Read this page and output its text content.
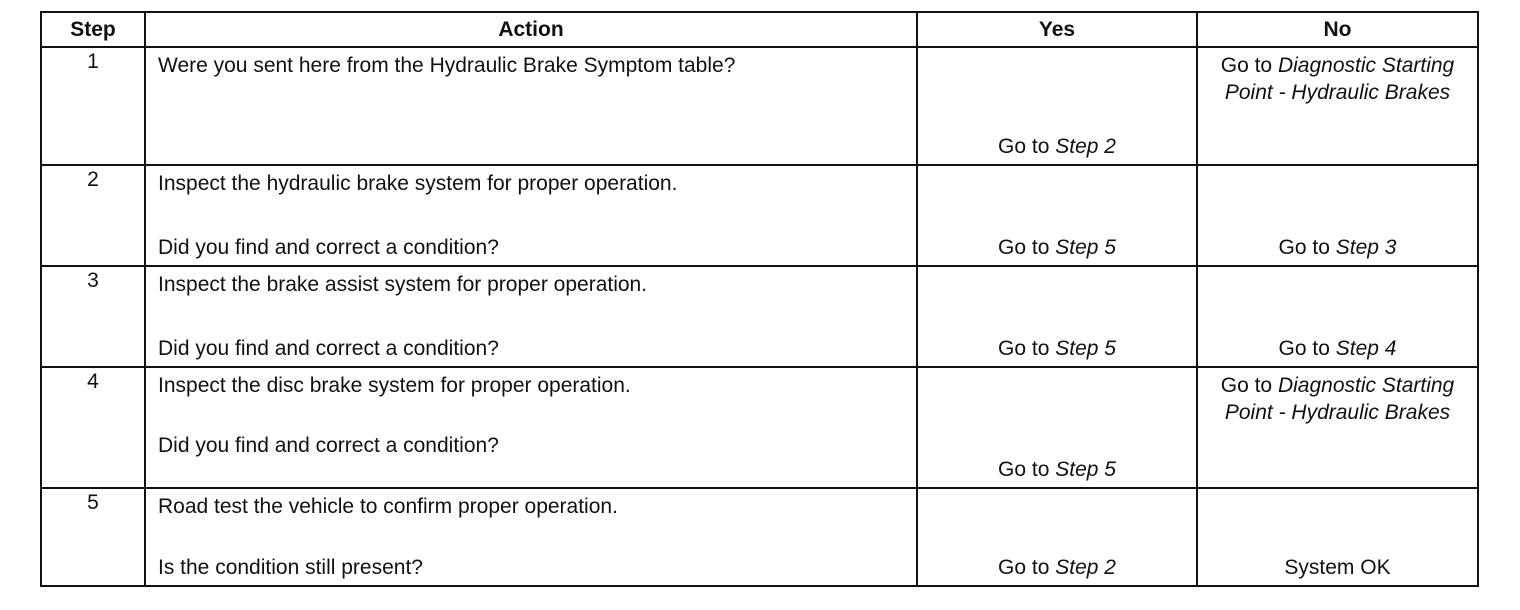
Step	Action	Yes	No
1	Were you sent here from the Hydraulic Brake Symptom table?	Go to Step 2	Go to Diagnostic Starting Point - Hydraulic Brakes

2	Inspect the hydraulic brake system for proper operation.
Did you find and correct a condition?	Go to Step 5	Go to Step 3

3	Inspect the brake assist system for proper operation.
Did you find and correct a condition?	Go to Step 5	Go to Step 4

4	Inspect the disc brake system for proper operation.
Did you find and correct a condition?	Go to Step 5	Go to Diagnostic Starting Point - Hydraulic Brakes

5	Road test the vehicle to confirm proper operation.
Is the condition still present?	Go to Step 2	System OK
